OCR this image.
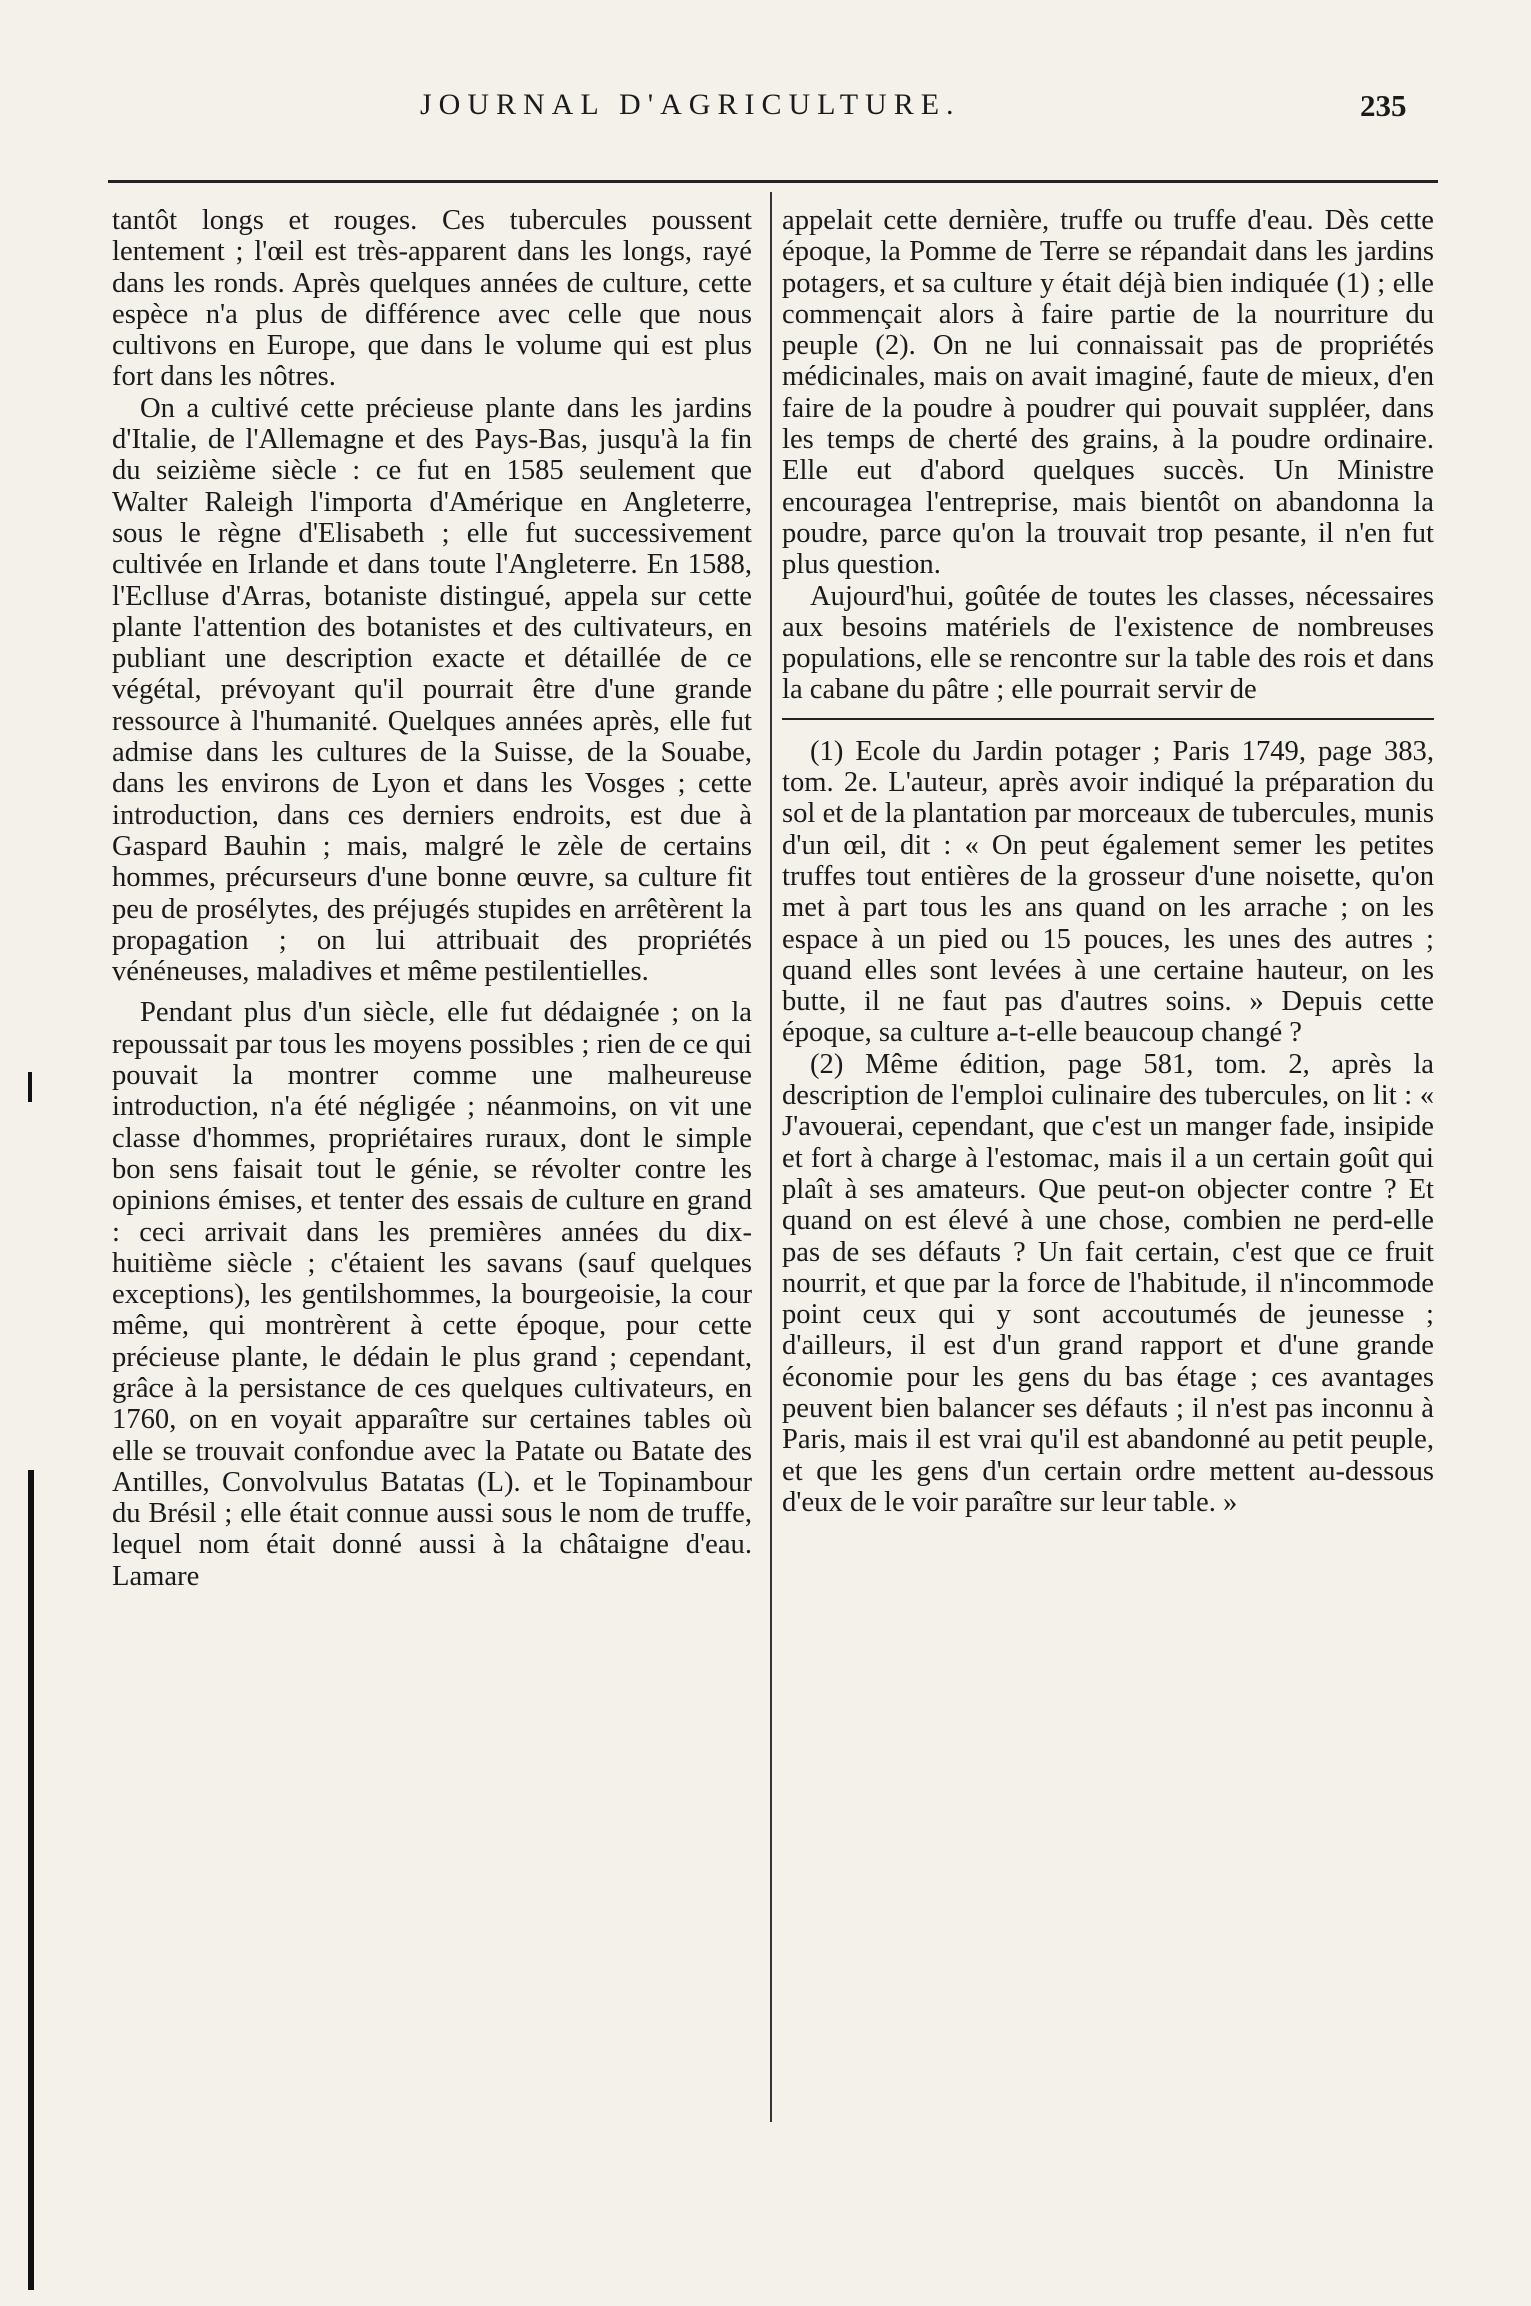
JOURNAL D'AGRICULTURE.	235

tantôt longs et rouges. Ces tubercules poussent lentement ; l'œil est très-apparent dans les longs, rayé dans les ronds. Après quelques années de culture, cette espèce n'a plus de différence avec celle que nous cultivons en Europe, que dans le volume qui est plus fort dans les nôtres.

On a cultivé cette précieuse plante dans les jardins d'Italie, de l'Allemagne et des Pays-Bas, jusqu'à la fin du seizième siècle : ce fut en 1585 seulement que Walter Raleigh l'importa d'Amérique en Angleterre, sous le règne d'Elisabeth ; elle fut successivement cultivée en Irlande et dans toute l'Angleterre. En 1588, l'Eclluse d'Arras, botaniste distingué, appela sur cette plante l'attention des botanistes et des cultivateurs, en publiant une description exacte et détaillée de ce végétal, prévoyant qu'il pourrait être d'une grande ressource à l'humanité. Quelques années après, elle fut admise dans les cultures de la Suisse, de la Souabe, dans les environs de Lyon et dans les Vosges ; cette introduction, dans ces derniers endroits, est due à Gaspard Bauhin ; mais, malgré le zèle de certains hommes, précurseurs d'une bonne œuvre, sa culture fit peu de prosélytes, des préjugés stupides en arrêtèrent la propagation ; on lui attribuait des propriétés vénéneuses, maladives et même pestilentielles.

Pendant plus d'un siècle, elle fut dédaignée ; on la repoussait par tous les moyens possibles ; rien de ce qui pouvait la montrer comme une malheureuse introduction, n'a été négligée ; néanmoins, on vit une classe d'hommes, propriétaires ruraux, dont le simple bon sens faisait tout le génie, se révolter contre les opinions émises, et tenter des essais de culture en grand : ceci arrivait dans les premières années du dix-huitième siècle ; c'étaient les savans (sauf quelques exceptions), les gentilshommes, la bourgeoisie, la cour même, qui montrèrent à cette époque, pour cette précieuse plante, le dédain le plus grand ; cependant, grâce à la persistance de ces quelques cultivateurs, en 1760, on en voyait apparaître sur certaines tables où elle se trouvait confondue avec la Patate ou Batate des Antilles, Convolvulus Batatas (L). et le Topinambour du Brésil ; elle était connue aussi sous le nom de truffe, lequel nom était donné aussi à la châtaigne d'eau. Lamare

appelait cette dernière, truffe ou truffe d'eau. Dès cette époque, la Pomme de Terre se répandait dans les jardins potagers, et sa culture y était déjà bien indiquée (1) ; elle commençait alors à faire partie de la nourriture du peuple (2). On ne lui connaissait pas de propriétés médicinales, mais on avait imaginé, faute de mieux, d'en faire de la poudre à poudrer qui pouvait suppléer, dans les temps de cherté des grains, à la poudre ordinaire. Elle eut d'abord quelques succès. Un Ministre encouragea l'entreprise, mais bientôt on abandonna la poudre, parce qu'on la trouvait trop pesante, il n'en fut plus question.

Aujourd'hui, goûtée de toutes les classes, nécessaires aux besoins matériels de l'existence de nombreuses populations, elle se rencontre sur la table des rois et dans la cabane du pâtre ; elle pourrait servir de

(1) Ecole du Jardin potager ; Paris 1749, page 383, tom. 2e. L'auteur, après avoir indiqué la préparation du sol et de la plantation par morceaux de tubercules, munis d'un œil, dit : « On peut également semer les petites truffes tout entières de la grosseur d'une noisette, qu'on met à part tous les ans quand on les arrache ; on les espace à un pied ou 15 pouces, les unes des autres ; quand elles sont levées à une certaine hauteur, on les butte, il ne faut pas d'autres soins. » Depuis cette époque, sa culture a-t-elle beaucoup changé ?

(2) Même édition, page 581, tom. 2, après la description de l'emploi culinaire des tubercules, on lit : « J'avouerai, cependant, que c'est un manger fade, insipide et fort à charge à l'estomac, mais il a un certain goût qui plaît à ses amateurs. Que peut-on objecter contre ? Et quand on est élevé à une chose, combien ne perd-elle pas de ses défauts ? Un fait certain, c'est que ce fruit nourrit, et que par la force de l'habitude, il n'incommode point ceux qui y sont accoutumés de jeunesse ; d'ailleurs, il est d'un grand rapport et d'une grande économie pour les gens du bas étage ; ces avantages peuvent bien balancer ses défauts ; il n'est pas inconnu à Paris, mais il est vrai qu'il est abandonné au petit peuple, et que les gens d'un certain ordre mettent au-dessous d'eux de le voir paraître sur leur table. »
